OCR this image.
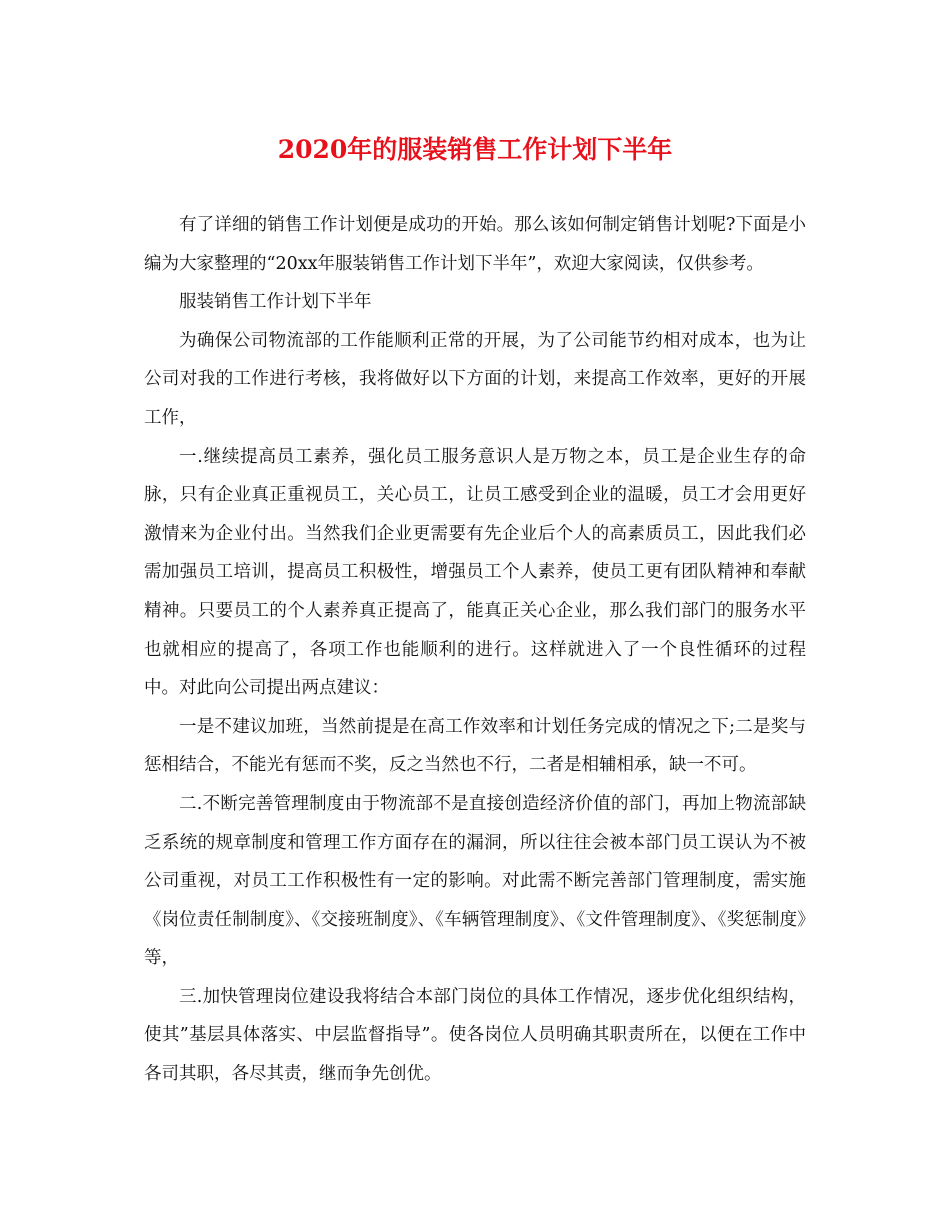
2020年的服装销售工作计划下半年

有了详细的销售工作计划便是成功的开始。那么该如何制定销售计划呢?下面是小编为大家整理的“20xx年服装销售工作计划下半年”，欢迎大家阅读，仅供参考。

服装销售工作计划下半年

为确保公司物流部的工作能顺利正常的开展，为了公司能节约相对成本，也为让公司对我的工作进行考核，我将做好以下方面的计划，来提高工作效率，更好的开展工作，

一.继续提高员工素养，强化员工服务意识人是万物之本，员工是企业生存的命脉，只有企业真正重视员工，关心员工，让员工感受到企业的温暖，员工才会用更好激情来为企业付出。当然我们企业更需要有先企业后个人的高素质员工，因此我们必需加强员工培训，提高员工积极性，增强员工个人素养，使员工更有团队精神和奉献精神。只要员工的个人素养真正提高了，能真正关心企业，那么我们部门的服务水平也就相应的提高了，各项工作也能顺利的进行。这样就进入了一个良性循环的过程中。对此向公司提出两点建议：

一是不建议加班，当然前提是在高工作效率和计划任务完成的情况之下;二是奖与惩相结合，不能光有惩而不奖，反之当然也不行，二者是相辅相承，缺一不可。

二.不断完善管理制度由于物流部不是直接创造经济价值的部门，再加上物流部缺乏系统的规章制度和管理工作方面存在的漏洞，所以往往会被本部门员工误认为不被公司重视，对员工工作积极性有一定的影响。对此需不断完善部门管理制度，需实施《岗位责任制制度》、《交接班制度》、《车辆管理制度》、《文件管理制度》、《奖惩制度》等，

三.加快管理岗位建设我将结合本部门岗位的具体工作情况，逐步优化组织结构，使其”基层具体落实、中层监督指导”。使各岗位人员明确其职责所在，以便在工作中各司其职，各尽其责，继而争先创优。
